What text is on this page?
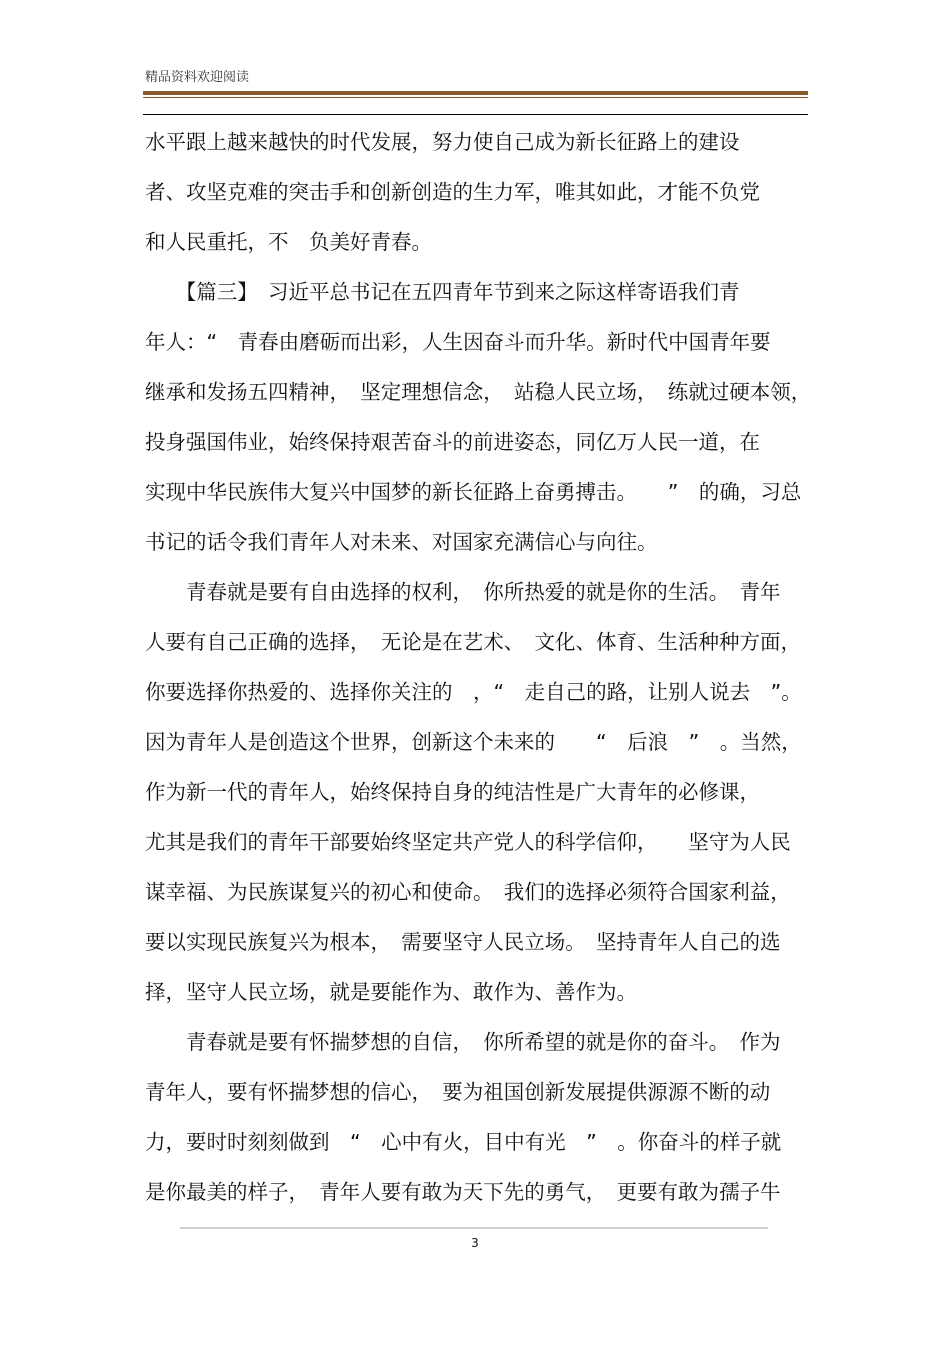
精品资料欢迎阅读
水平跟上越来越快的时代发展，努力使自己成为新长征路上的建设
者、攻坚克难的突击手和创新创造的生力军，唯其如此，才能不负党
和人民重托，不　负美好青春。
　　【篇三】　习近平总书记在五四青年节到来之际这样寄语我们青
年人：“　青春由磨砺而出彩，人生因奋斗而升华。新时代中国青年要
继承和发扬五四精神，　坚定理想信念，　站稳人民立场，　练就过硬本领，
投身强国伟业，始终保持艰苦奋斗的前进姿态，同亿万人民一道，在
实现中华民族伟大复兴中国梦的新长征路上奋勇搏击。　　”　的确，习总
书记的话令我们青年人对未来、对国家充满信心与向往。
　　青春就是要有自由选择的权利，　你所热爱的就是你的生活。　青年
人要有自己正确的选择，　无论是在艺术、　文化、体育、生活种种方面，
你要选择你热爱的、选择你关注的　，“　走自己的路，让别人说去　”。
因为青年人是创造这个世界，创新这个未来的　　“　后浪　”　。当然，
作为新一代的青年人，始终保持自身的纯洁性是广大青年的必修课，
尤其是我们的青年干部要始终坚定共产党人的科学信仰，　　坚守为人民
谋幸福、为民族谋复兴的初心和使命。　我们的选择必须符合国家利益，
要以实现民族复兴为根本，　需要坚守人民立场。　坚持青年人自己的选
择，坚守人民立场，就是要能作为、敢作为、善作为。
　　青春就是要有怀揣梦想的自信，　你所希望的就是你的奋斗。　作为
青年人，要有怀揣梦想的信心，　要为祖国创新发展提供源源不断的动
力，要时时刻刻做到　“　心中有火，目中有光　”　。你奋斗的样子就
是你最美的样子，　青年人要有敢为天下先的勇气，　更要有敢为孺子牛
3
